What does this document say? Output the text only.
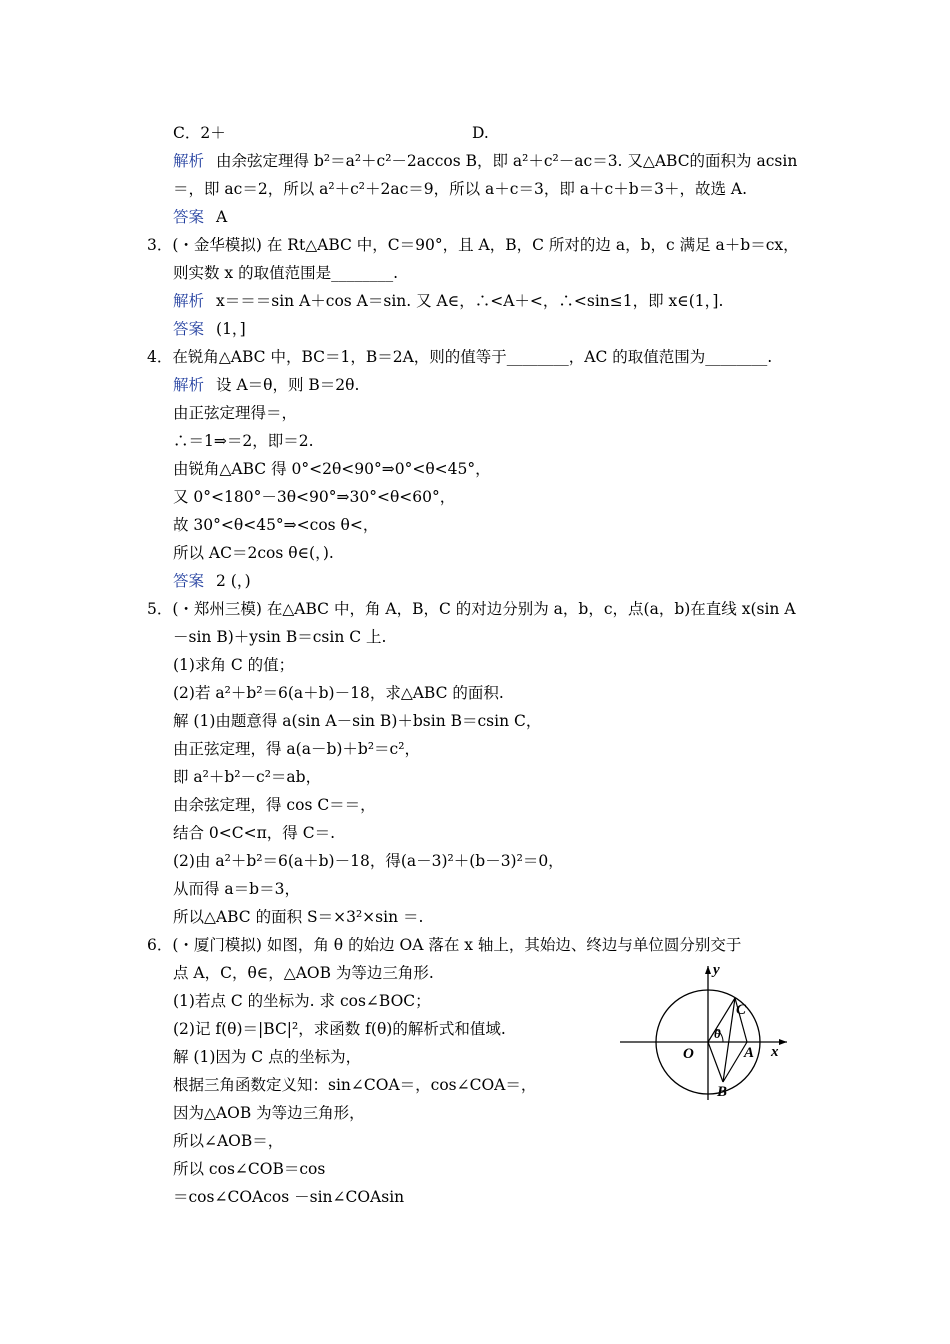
C．2＋	D.
解析 由余弦定理得 b²＝a²＋c²－2accos B，即 a²＋c²－ac＝3. 又△ABC的面积为 acsin
＝，即 ac＝2，所以 a²＋c²＋2ac＝9，所以 a＋c＝3，即 a＋c＋b＝3＋，故选 A.
答案 A
3．(・金华模拟) 在 Rt△ABC 中，C＝90°，且 A，B，C 所对的边 a，b，c 满足 a＋b＝cx，
则实数 x 的取值范围是________.
解析 x＝＝＝sin A＋cos A＝sin. 又 A∈，∴<A＋<，∴<sin≤1，即 x∈(1，].
答案 (1，]
4．在锐角△ABC 中，BC＝1，B＝2A，则的值等于________，AC 的取值范围为________.
解析 设 A＝θ，则 B＝2θ.
由正弦定理得＝，
∴＝1⇒＝2，即＝2.
由锐角△ABC 得 0°<2θ<90°⇒0°<θ<45°，
又 0°<180°－3θ<90°⇒30°<θ<60°，
故 30°<θ<45°⇒<cos θ<，
所以 AC＝2cos θ∈(，).
答案 2 (，)
5．(・郑州三模) 在△ABC 中，角 A，B，C 的对边分别为 a，b，c，点(a，b)在直线 x(sin A
－sin B)＋ysin B＝csin C 上.
(1)求角 C 的值；
(2)若 a²＋b²＝6(a＋b)－18，求△ABC 的面积.
解 (1)由题意得 a(sin A－sin B)＋bsin B＝csin C，
由正弦定理，得 a(a－b)＋b²＝c²，
即 a²＋b²－c²＝ab，
由余弦定理，得 cos C＝＝，
结合 0<C<π，得 C＝.
(2)由 a²＋b²＝6(a＋b)－18，得(a－3)²＋(b－3)²＝0，
从而得 a＝b＝3，
所以△ABC 的面积 S＝×3²×sin ＝.
6．(・厦门模拟) 如图，角 θ 的始边 OA 落在 x 轴上，其始边、终边与单位圆分别交于
点 A，C，θ∈，△AOB 为等边三角形.
(1)若点 C 的坐标为. 求 cos∠BOC；
(2)记 f(θ)＝|BC|²，求函数 f(θ)的解析式和值域.
解 (1)因为 C 点的坐标为，
根据三角函数定义知：sin∠COA＝，cos∠COA＝，
因为△AOB 为等边三角形，
所以∠AOB＝，
所以 cos∠COB＝cos
＝cos∠COAcos －sin∠COAsin
y
x
O	A
B
C
θ
